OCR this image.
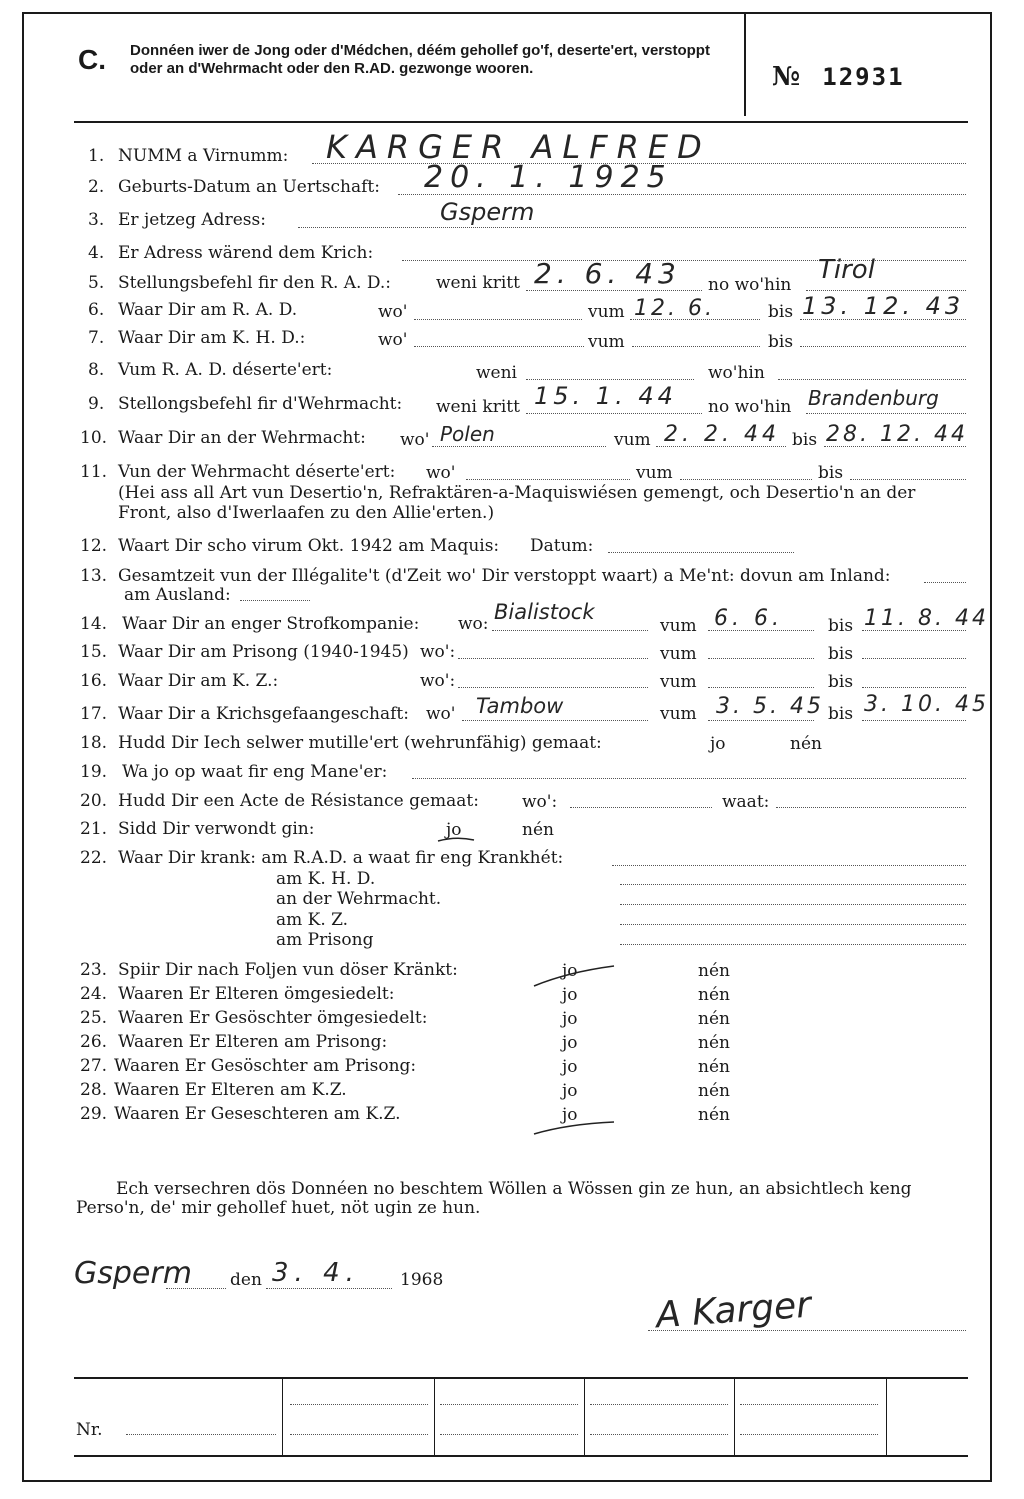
C. Donnéen iwer de Jong oder d'Médchen, déém gehollef go'f, deserte'ert, verstoppt oder an d'Wehrmacht oder den R.AD. gezwonge wooren.	№ 12931
1. NUMM a Virnumm: KARGER ALFRED
2. Geburts-Datum an Uertschaft: 20. 1. 1925
3. Er jetzeg Adress:	Gsperm
4. Er Adress wärend dem Krich:
5. Stellungsbefehl fir den R. A. D.:	weni kritt 2. 6. 43 no wo'hin Tirol
6. Waar Dir am R. A. D.	wo'	vum 12. 6.	bis 13. 12. 43
7. Waar Dir am K. H. D.:	wo'	vum	bis
8. Vum R. A. D. déserte'ert:	weni	wo'hin
9. Stellongsbefehl fir d'Wehrmacht: weni kritt 15. 1. 44 no wo'hin Brandenburg
10. Waar Dir an der Wehrmacht: wo' Polen	vum 2. 2. 44 bis 28. 12. 44
11. Vun der Wehrmacht déserte'ert: wo'	vum	bis
(Hei ass all Art vun Desertio'n, Refraktären-a-Maquiswiésen gemengt, och Desertio'n an der Front, also d'Iwerlaafen zu den Allie'erten.)
12. Waart Dir scho virum Okt. 1942 am Maquis: Datum:
13. Gesamtzeit vun der Illégalite't (d'Zeit wo' Dir verstoppt waart) a Me'nt: dovun am Inland:
am Ausland:
14. Waar Dir an enger Strofkompanie: wo: Bialistock
vum 6. 6.	bis 11. 8. 44
15. Waar Dir am Prisong (1940-1945) wo':	vum	bis
16. Waar Dir am K. Z.:	wo':	vum	bis
17. Waar Dir a Krichsgefaangeschaft: wo' Tambow	vum 3. 5. 45 bis 3. 10. 45
18. Hudd Dir Iech selwer mutille'ert (wehrunfähig) gemaat:	jo	nén
19. Wa jo op waat fir eng Mane'er:
20. Hudd Dir een Acte de Résistance gemaat:	wo':	waat:
21. Sidd Dir verwondt gin:	jo	nén
22. Waar Dir krank: am R.A.D. a waat fir eng Krankhét:
am K. H. D.
an der Wehrmacht.
am K. Z.
am Prisong
23. Spiir Dir nach Foljen vun döser Kränkt:	jo	nén
24. Waaren Er Elteren ömgesiedelt:	jo	nén
25. Waaren Er Gesöschter ömgesiedelt:	jo	nén
26. Waaren Er Elteren am Prisong:	jo	nén
27. Waaren Er Gesöschter am Prisong:	jo	nén
28. Waaren Er Elteren am K.Z.	jo	nén
29. Waaren Er Geseschteren am K.Z.	jo	nén
Ech versechren dös Donnéen no beschtem Wöllen a Wössen gin ze hun, an absichtlech keng Perso'n, de' mir gehollef huet, nöt ugin ze hun.
Gsperm den 3. 4. 1968
A Karger
Nr.
